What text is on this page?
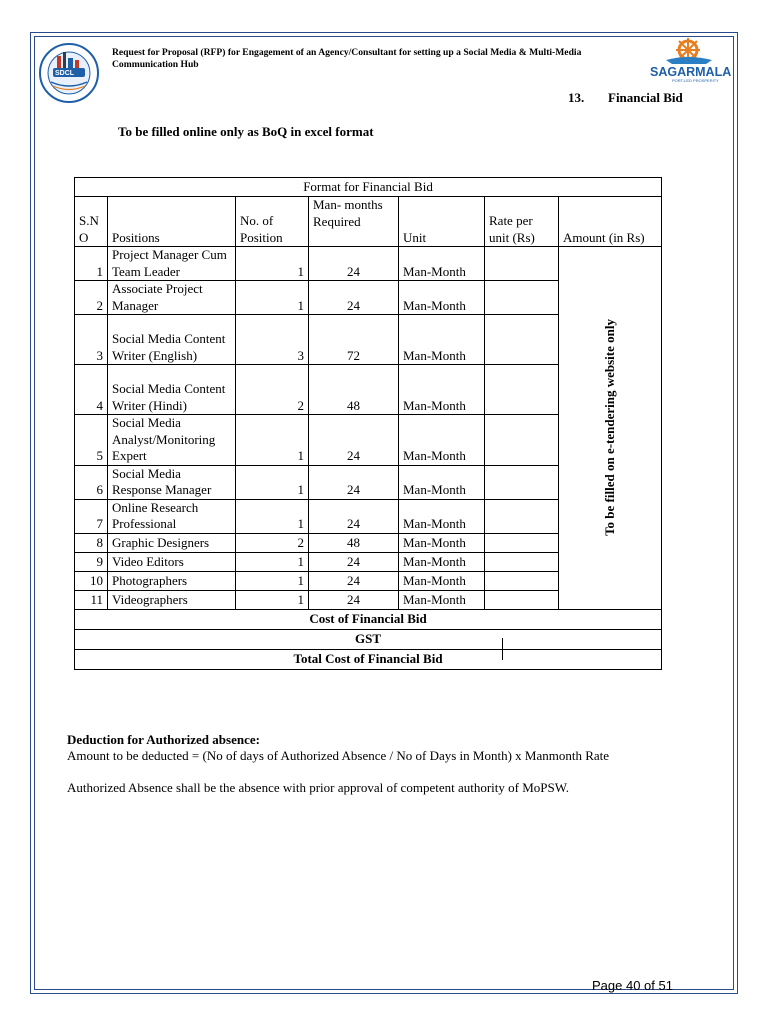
SDCL
Request for Proposal (RFP) for Engagement of an Agency/Consultant for setting up a Social Media & Multi-Media Communication Hub
SAGARMALA
PORT-LED PROSPERITY
13. Financial Bid
To be filled online only as BoQ in excel format
Format for Financial Bid						
S.N O	Positions	No. of Position	Man- months Required	Unit	Rate per unit (Rs)	Amount (in Rs)
1	Project Manager Cum Team Leader	1	24	Man-Month		To be filled on e-tendering website only

2	Associate Project Manager	1	24	Man-Month		
3	Social Media Content Writer (English)	3	72	Man-Month		
4	Social Media Content Writer (Hindi)	2	48	Man-Month		
5	Social Media Analyst/Monitoring Expert	1	24	Man-Month		
6	Social Media Response Manager	1	24	Man-Month		
7	Online Research Professional	1	24	Man-Month		
8	Graphic Designers	2	48	Man-Month		
9	Video Editors	1	24	Man-Month		
10	Photographers	1	24	Man-Month		
11	Videographers	1	24	Man-Month		
Cost of Financial Bid						
GST						
Total Cost of Financial Bid						
Deduction for Authorized absence:
Amount to be deducted = (No of days of Authorized Absence / No of Days in Month) x Manmonth Rate
Authorized Absence shall be the absence with prior approval of competent authority of MoPSW.
Page 40 of 51
